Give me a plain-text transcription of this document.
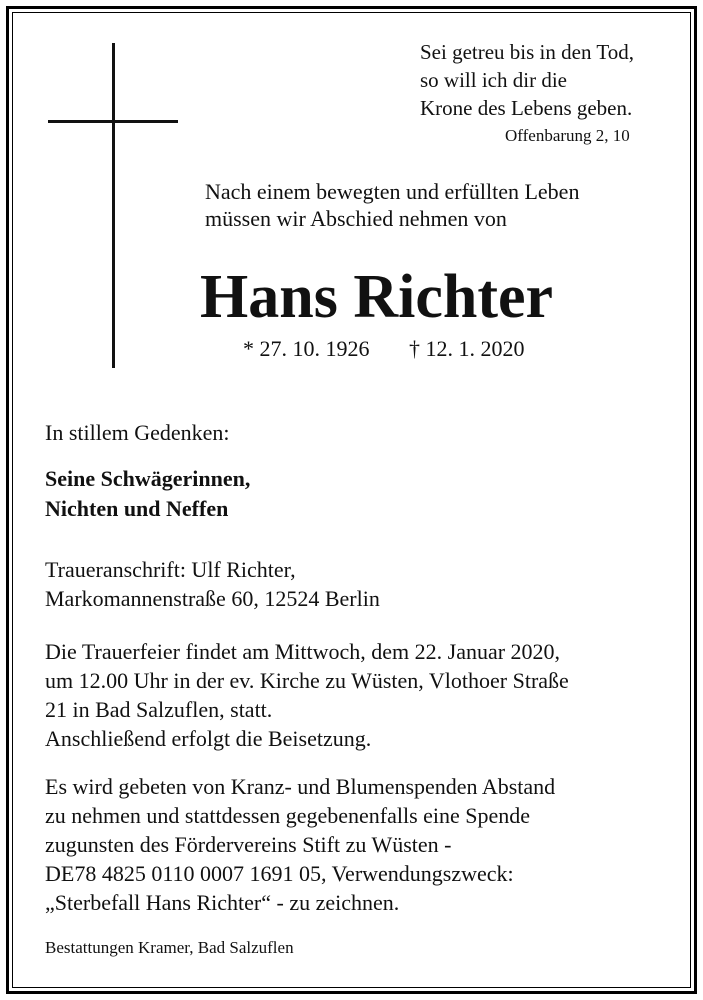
Sei getreu bis in den Tod,
so will ich dir die
Krone des Lebens geben.
Offenbarung 2, 10
Nach einem bewegten und erfüllten Leben
müssen wir Abschied nehmen von
Hans Richter
* 27. 10. 1926 † 12. 1. 2020
In stillem Gedenken:
Seine Schwägerinnen,
Nichten und Neffen
Traueranschrift: Ulf Richter,
Markomannenstraße 60, 12524 Berlin
Die Trauerfeier findet am Mittwoch, dem 22. Januar 2020,
um 12.00 Uhr in der ev. Kirche zu Wüsten, Vlothoer Straße
21 in Bad Salzuflen, statt.
Anschließend erfolgt die Beisetzung.
Es wird gebeten von Kranz- und Blumenspenden Abstand
zu nehmen und stattdessen gegebenenfalls eine Spende
zugunsten des Fördervereins Stift zu Wüsten -
DE78 4825 0110 0007 1691 05, Verwendungszweck:
„Sterbefall Hans Richter“ - zu zeichnen.
Bestattungen Kramer, Bad Salzuflen
